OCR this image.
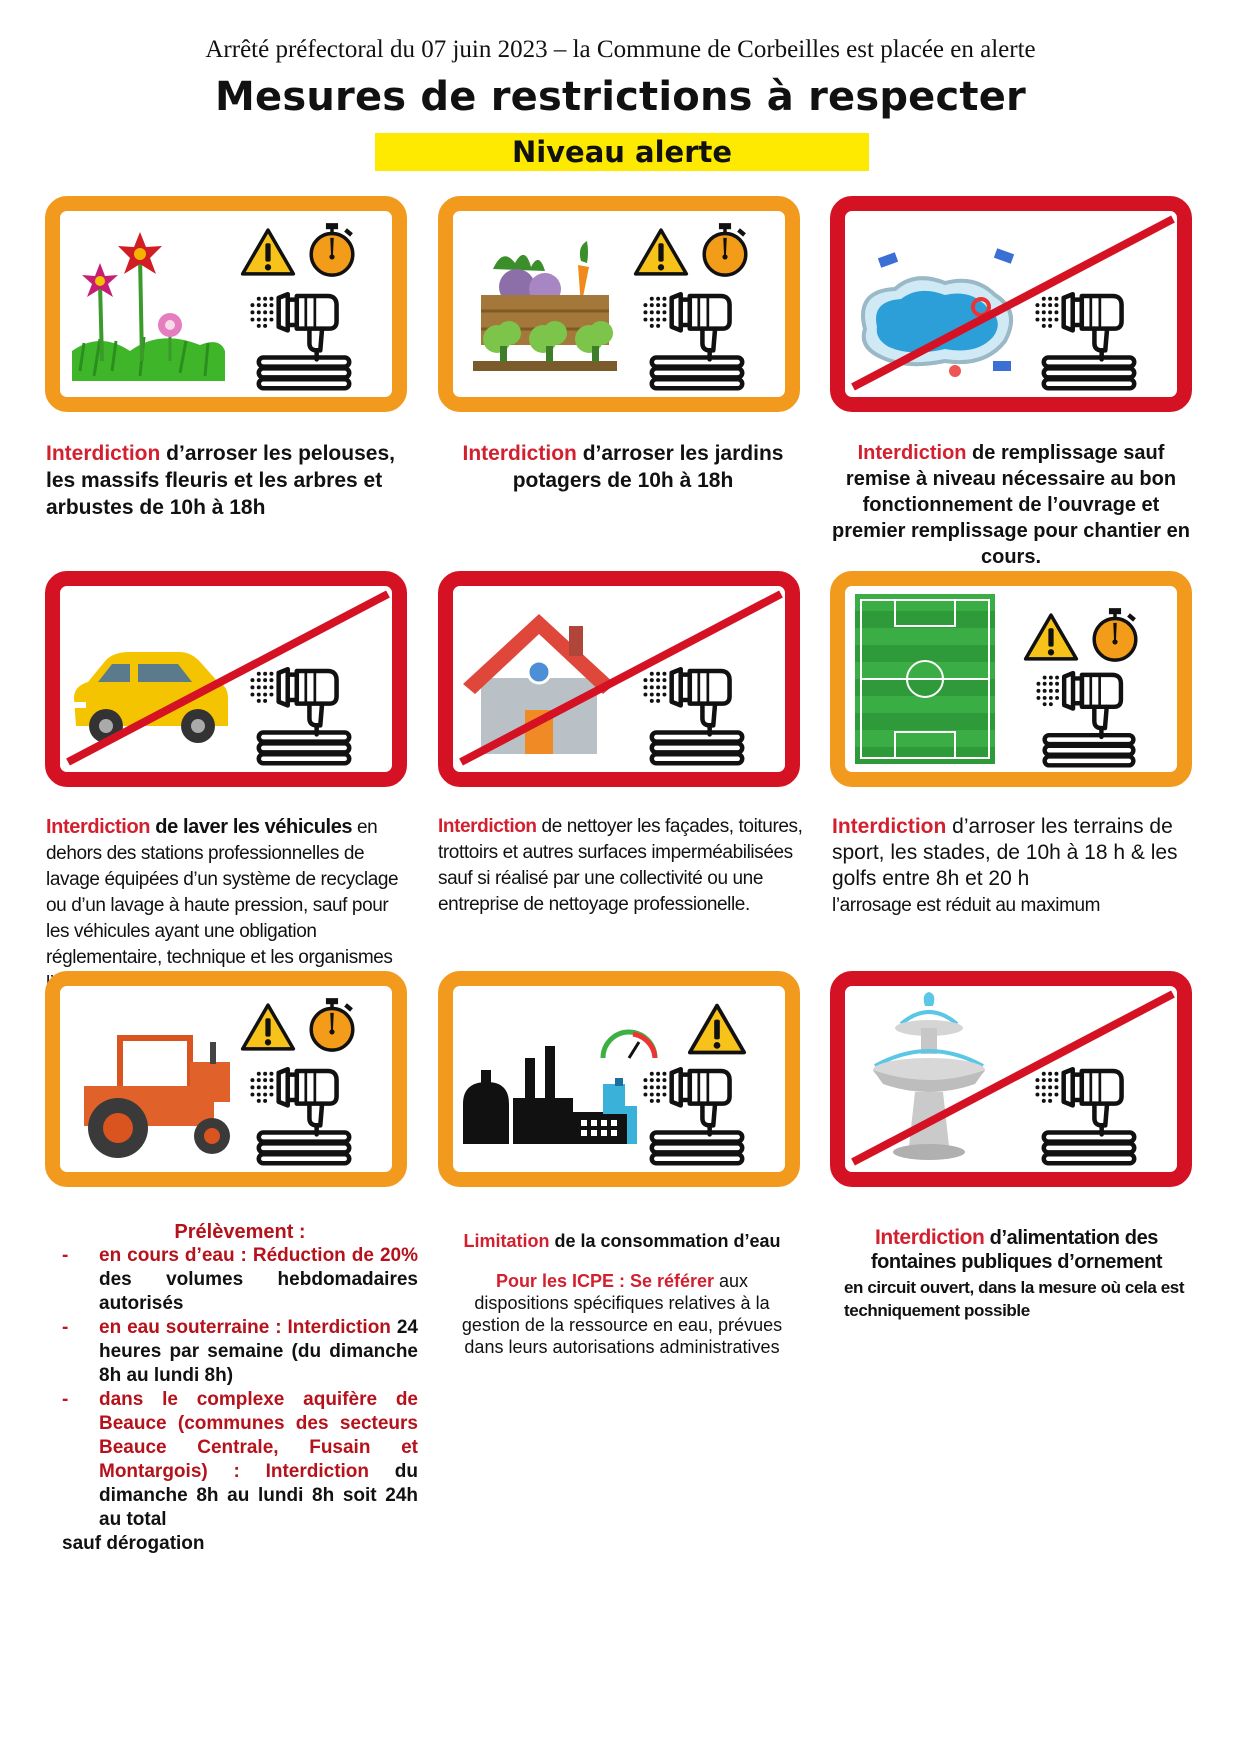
Arrêté préfectoral du 07 juin 2023 – la Commune de Corbeilles est placée en alerte
Mesures de restrictions à respecter
Niveau alerte
Interdiction d’arroser les pelouses, les massifs fleuris et les arbres et arbustes de 10h à 18h
Interdiction d’arroser les jardins potagers de 10h à 18h
Interdiction de remplissage sauf remise à niveau nécessaire au bon fonctionnement de l’ouvrage et premier remplissage pour chantier en cours.
Interdiction de laver les véhicules en dehors des stations professionnelles de lavage équipées d’un système de recyclage ou d’un lavage à haute pression, sauf pour les véhicules ayant une obligation réglementaire, technique et les organismes
Interdiction de nettoyer les façades, toitures, trottoirs et autres surfaces imperméabilisées sauf si réalisé par une collectivité ou une entreprise de nettoyage professionelle.
Interdiction d’arroser les terrains de sport, les stades, de 10h à 18 h & les golfs entre 8h et 20 h
l’arrosage est réduit au maximum
Prélèvement :
- en cours d’eau : Réduction de 20% des volumes hebdomadaires autorisés
- en eau souterraine : Interdiction 24 heures par semaine (du dimanche 8h au lundi 8h)
- dans le complexe aquifère de Beauce (communes des secteurs Beauce Centrale, Fusain et Montargois) : Interdiction du dimanche 8h au lundi 8h soit 24h au total
sauf dérogation
Limitation de la consommation d’eau
Pour les ICPE : Se référer aux dispositions spécifiques relatives à la gestion de la ressource en eau, prévues dans leurs autorisations administratives
Interdiction d’alimentation des fontaines publiques d’ornement
en circuit ouvert, dans la mesure où cela est techniquement possible
